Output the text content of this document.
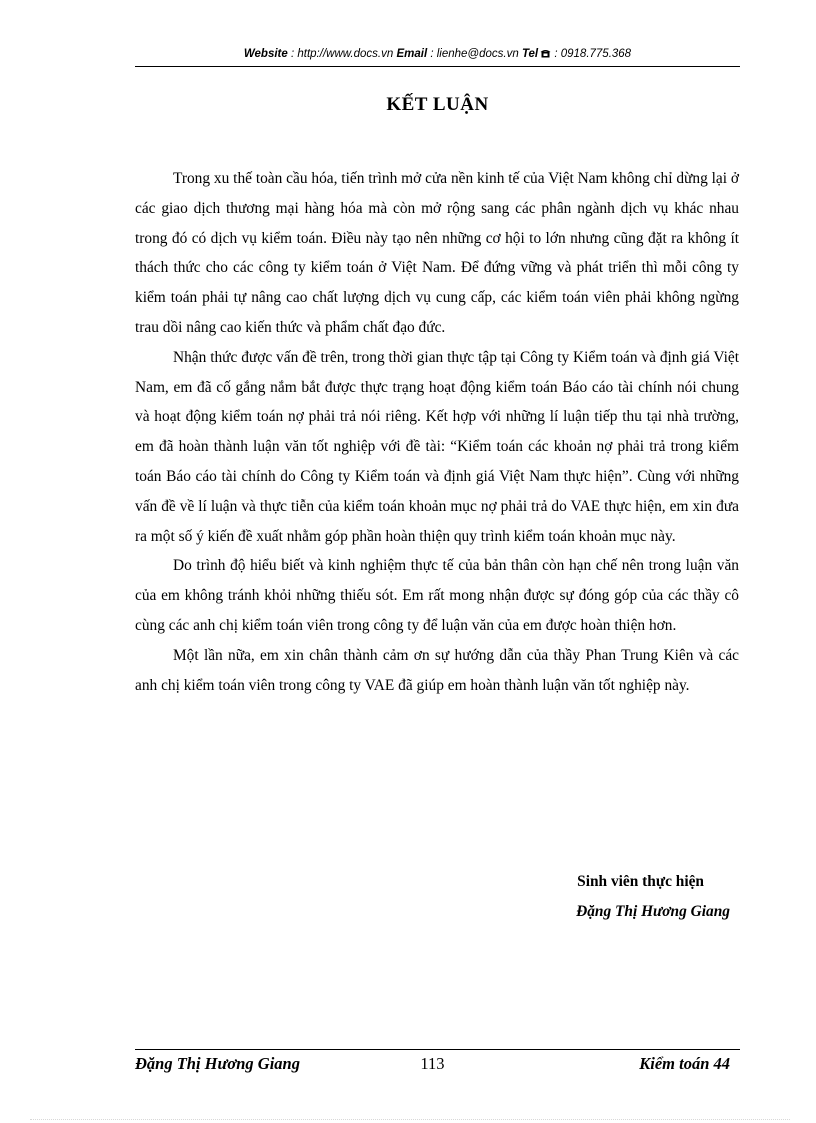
Website : http://www.docs.vn Email : lienhe@docs.vn Tel : 0918.775.368
KẾT LUẬN

Trong xu thế toàn cầu hóa, tiến trình mở cửa nền kinh tế của Việt Nam không chỉ dừng lại ở các giao dịch thương mại hàng hóa mà còn mở rộng sang các phân ngành dịch vụ khác nhau trong đó có dịch vụ kiểm toán. Điều này tạo nên những cơ hội to lớn nhưng cũng đặt ra không ít thách thức cho các công ty kiểm toán ở Việt Nam. Để đứng vững và phát triển thì mỗi công ty kiểm toán phải tự nâng cao chất lượng dịch vụ cung cấp, các kiểm toán viên phải không ngừng trau dồi nâng cao kiến thức và phẩm chất đạo đức.

Nhận thức được vấn đề trên, trong thời gian thực tập tại Công ty Kiểm toán và định giá Việt Nam, em đã cố gắng nắm bắt được thực trạng hoạt động kiểm toán Báo cáo tài chính nói chung và hoạt động kiểm toán nợ phải trả nói riêng. Kết hợp với những lí luận tiếp thu tại nhà trường, em đã hoàn thành luận văn tốt nghiệp với đề tài: “Kiểm toán các khoản nợ phải trả trong kiểm toán Báo cáo tài chính do Công ty Kiểm toán và định giá Việt Nam thực hiện”. Cùng với những vấn đề về lí luận và thực tiễn của kiểm toán khoản mục nợ phải trả do VAE thực hiện, em xin đưa ra một số ý kiến đề xuất nhằm góp phần hoàn thiện quy trình kiểm toán khoản mục này.

Do trình độ hiểu biết và kinh nghiệm thực tế của bản thân còn hạn chế nên trong luận văn của em không tránh khỏi những thiếu sót. Em rất mong nhận được sự đóng góp của các thầy cô cùng các anh chị kiểm toán viên trong công ty để luận văn của em được hoàn thiện hơn.

Một lần nữa, em xin chân thành cảm ơn sự hướng dẫn của thầy Phan Trung Kiên và các anh chị kiểm toán viên trong công ty VAE đã giúp em hoàn thành luận văn tốt nghiệp này.

Sinh viên thực hiện
Đặng Thị Hương Giang
Đặng Thị Hương Giang	113	Kiểm toán 44
